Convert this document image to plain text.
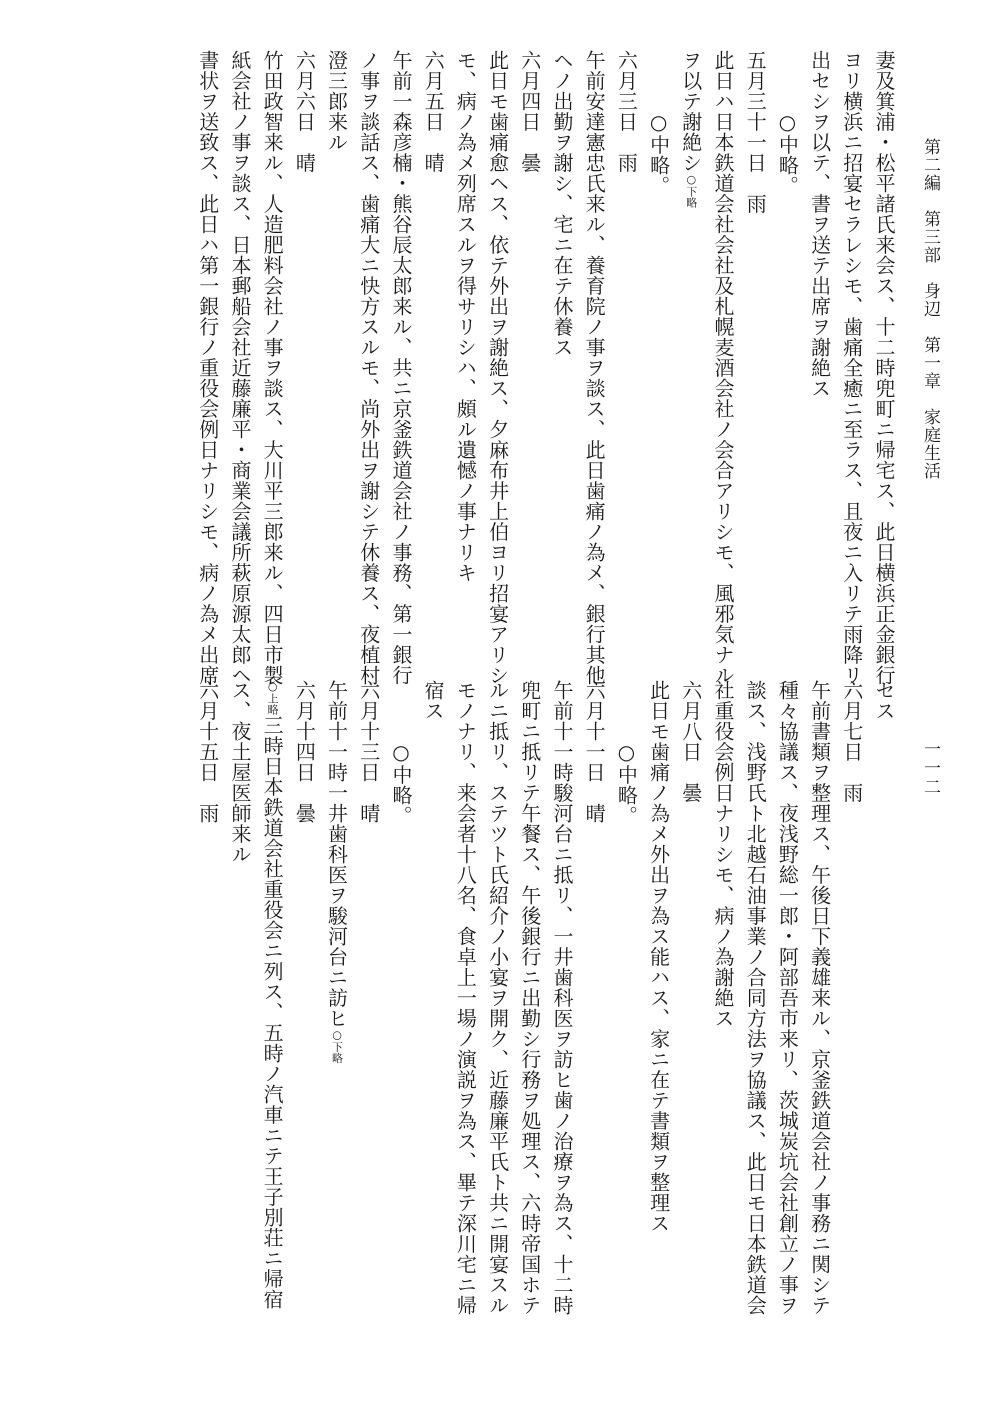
第二編　第三部　身辺　第一章　家庭生活
一一二
妻及箕浦・松平諸氏来会ス、十二時兜町ニ帰宅ス、此日横浜正金銀行
ヨリ横浜ニ招宴セラレシモ、歯痛全癒ニ至ラス、且夜ニ入リテ雨降リ
出セシヲ以テ、書ヲ送テ出席ヲ謝絶ス
○中略。
五月三十一日　雨
此日ハ日本鉄道会社会社及札幌麦酒会社ノ会合アリシモ、風邪気ナル
ヲ以テ謝絶シ○下略
○中略。
六月三日　雨
午前安達憲忠氏来ル、養育院ノ事ヲ談ス、此日歯痛ノ為メ、銀行其他
ヘノ出勤ヲ謝シ、宅ニ在テ休養ス
六月四日　曇
此日モ歯痛愈ヘス、依テ外出ヲ謝絶ス、夕麻布井上伯ヨリ招宴アリシ
モ、病ノ為メ列席スルヲ得サリシハ、頗ル遺憾ノ事ナリキ
六月五日　晴
午前一森彦楠・熊谷辰太郎来ル、共ニ京釜鉄道会社ノ事務、第一銀行
ノ事ヲ談話ス、歯痛大ニ快方スルモ、尚外出ヲ謝シテ休養ス、夜植村
澄三郎来ル
六月六日　晴
竹田政智来ル、人造肥料会社ノ事ヲ談ス、大川平三郎来ル、四日市製
紙会社ノ事ヲ談ス、日本郵船会社近藤廉平・商業会議所萩原源太郎ヘ
書状ヲ送致ス、此日ハ第一銀行ノ重役会例日ナリシモ、病ノ為メ出席
セス
六月七日　雨
午前書類ヲ整理ス、午後日下義雄来ル、京釜鉄道会社ノ事務ニ関シテ
種々協議ス、夜浅野総一郎・阿部吾市来リ、茨城炭坑会社創立ノ事ヲ
談ス、浅野氏ト北越石油事業ノ合同方法ヲ協議ス、此日モ日本鉄道会
社重役会例日ナリシモ、病ノ為謝絶ス
六月八日　曇
此日モ歯痛ノ為メ外出ヲ為ス能ハス、家ニ在テ書類ヲ整理ス
○中略。
六月十一日　晴
午前十一時駿河台ニ抵リ、一井歯科医ヲ訪ヒ歯ノ治療ヲ為ス、十二時
兜町ニ抵リテ午餐ス、午後銀行ニ出勤シ行務ヲ処理ス、六時帝国ホテ
ルニ抵リ、ステツト氏紹介ノ小宴ヲ開ク、近藤廉平氏ト共ニ開宴スル
モノナリ、来会者十八名、食卓上一場ノ演説ヲ為ス、畢テ深川宅ニ帰
宿ス
○中略。
六月十三日　晴
午前十一時一井歯科医ヲ駿河台ニ訪ヒ○下略
六月十四日　曇
○上略三時日本鉄道会社重役会ニ列ス、五時ノ汽車ニテ王子別荘ニ帰宿
ス、夜土屋医師来ル
六月十五日　雨
